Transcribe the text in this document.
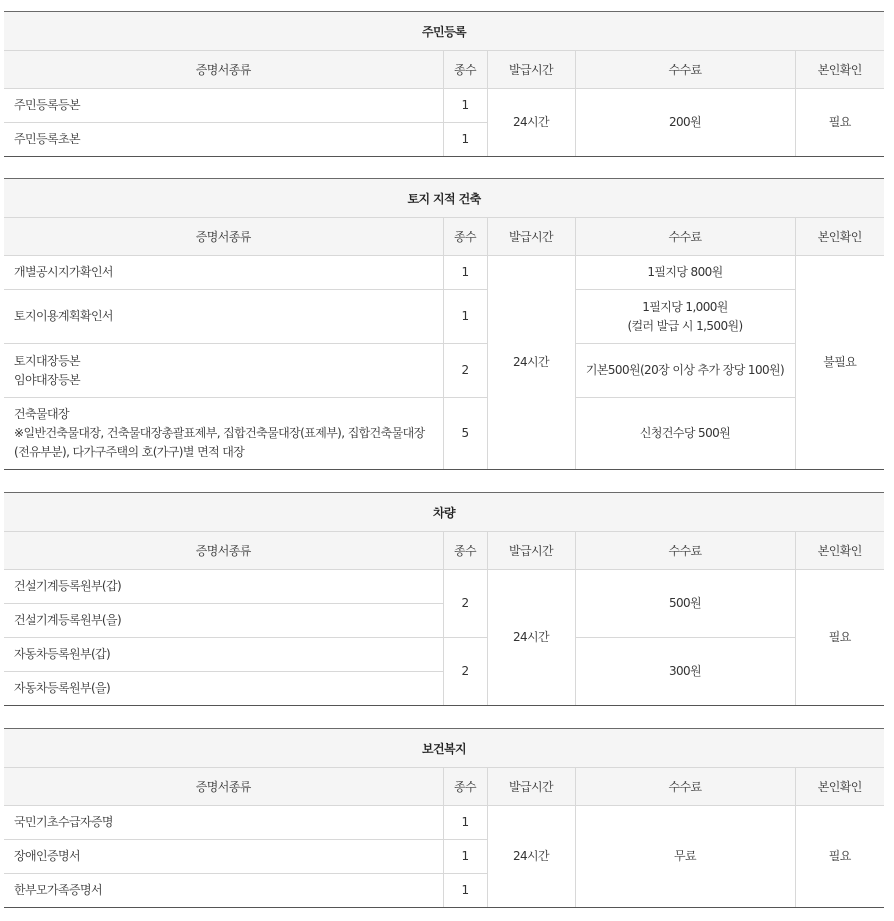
주민등록				
증명서종류	종수	발급시간	수수료	본인확인
주민등록등본	1	24시간	200원	필요
주민등록초본	1			
토지 지적 건축				
증명서종류	종수	발급시간	수수료	본인확인
개별공시지가확인서	1	24시간	1필지당 800원	불필요
토지이용계획확인서	1		1필지당 1,000원
(컬러 발급 시 1,500원)	

토지대장등본
임야대장등본	2		기본500원(20장 이상 추가 장당 100원)	

건축물대장
※일반건축물대장, 건축물대장총괄표제부, 집합건축물대장(표제부), 집합건축물대장(전유부분), 다가구주택의 호(가구)별 면적 대장	5		신청건수당 500원	
차량				
증명서종류	종수	발급시간	수수료	본인확인
건설기계등록원부(갑)	2	24시간	500원	필요
건설기계등록원부(을)				
자동차등록원부(갑)	2		300원	
자동차등록원부(을)				
보건복지				
증명서종류	종수	발급시간	수수료	본인확인
국민기초수급자증명	1	24시간	무료	필요
장애인증명서	1			
한부모가족증명서	1			
